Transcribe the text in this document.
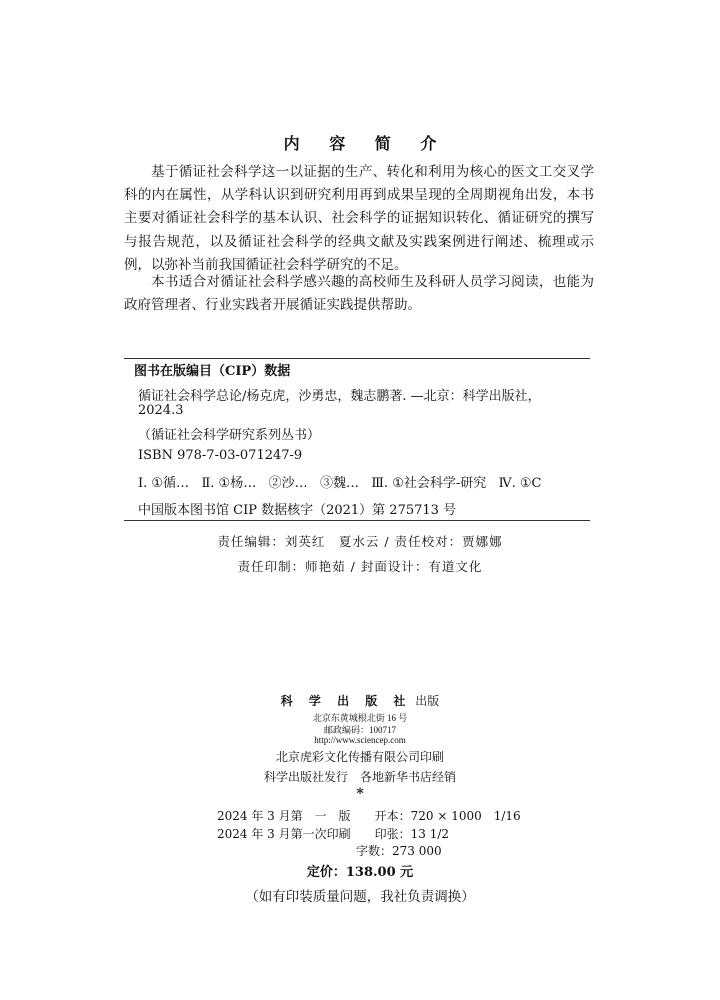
内 容 简 介
基于循证社会科学这一以证据的生产、转化和利用为核心的医文工交叉学科的内在属性，从学科认识到研究利用再到成果呈现的全周期视角出发，本书主要对循证社会科学的基本认识、社会科学的证据知识转化、循证研究的撰写与报告规范，以及循证社会科学的经典文献及实践案例进行阐述、梳理或示例，以弥补当前我国循证社会科学研究的不足。
本书适合对循证社会科学感兴趣的高校师生及科研人员学习阅读，也能为政府管理者、行业实践者开展循证实践提供帮助。
图书在版编目（CIP）数据
循证社会科学总论/杨克虎，沙勇忠，魏志鹏著. —北京：科学出版社，
2024.3
（循证社会科学研究系列丛书）
ISBN 978-7-03-071247-9
Ⅰ. ①循…   Ⅱ. ①杨…   ②沙…   ③魏…   Ⅲ. ①社会科学-研究   Ⅳ. ①C
中国版本图书馆 CIP 数据核字（2021）第 275713 号
责任编辑：刘英红　夏水云 / 责任校对：贾娜娜
责任印制：师艳茹 / 封面设计：有道文化
科 学 出 版 社 出版
北京东黄城根北街 16 号
邮政编码：100717
http://www.sciencep.com
北京虎彩文化传播有限公司印刷
科学出版社发行　各地新华书店经销
*
2024 年 3 月第　一　版　　开本：720 × 1000　1/16
2024 年 3 月第一次印刷　　印张：13 1/2
字数：273 000
定价：138.00 元
（如有印装质量问题，我社负责调换）
